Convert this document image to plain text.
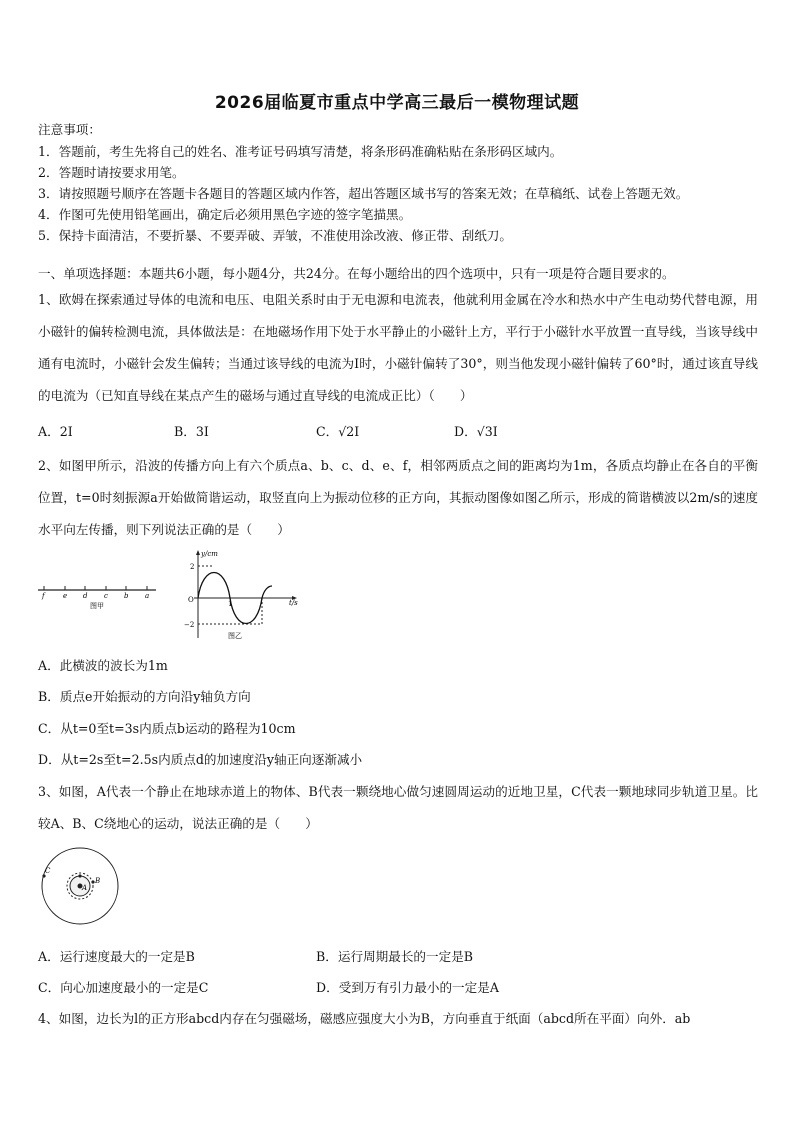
2026届临夏市重点中学高三最后一模物理试题
注意事项：
1．答题前，考生先将自己的姓名、准考证号码填写清楚，将条形码准确粘贴在条形码区域内。
2．答题时请按要求用笔。
3．请按照题号顺序在答题卡各题目的答题区域内作答，超出答题区域书写的答案无效；在草稿纸、试卷上答题无效。
4．作图可先使用铅笔画出，确定后必须用黑色字迹的签字笔描黑。
5．保持卡面清洁，不要折暴、不要弄破、弄皱，不准使用涂改液、修正带、刮纸刀。
一、单项选择题：本题共6小题，每小题4分，共24分。在每小题给出的四个选项中，只有一项是符合题目要求的。
1、欧姆在探索通过导体的电流和电压、电阻关系时由于无电源和电流表，他就利用金属在冷水和热水中产生电动势代替电源，用小磁针的偏转检测电流，具体做法是：在地磁场作用下处于水平静止的小磁针上方，平行于小磁针水平放置一直导线，当该导线中通有电流时，小磁针会发生偏转；当通过该导线的电流为I时，小磁针偏转了30°，则当他发现小磁针偏转了60°时，通过该直导线的电流为（已知直导线在某点产生的磁场与通过直导线的电流成正比）（　　）
A．2I	B．3I	C．√2I	D．√3I
2、如图甲所示，沿波的传播方向上有六个质点a、b、c、d、e、f，相邻两质点之间的距离均为1m，各质点均静止在各自的平衡位置，t=0时刻振源a开始做简谐运动，取竖直向上为振动位移的正方向，其振动图像如图乙所示，形成的简谐横波以2m/s的速度水平向左传播，则下列说法正确的是（　　）
f	e d c b a
图甲
y/cm
t/s
O
2
−2
1
图乙
A．此横波的波长为1m
B．质点e开始振动的方向沿y轴负方向
C．从t=0至t=3s内质点b运动的路程为10cm
D．从t=2s至t=2.5s内质点d的加速度沿y轴正向逐渐减小
3、如图，A代表一个静止在地球赤道上的物体、B代表一颗绕地心做匀速圆周运动的近地卫星，C代表一颗地球同步轨道卫星。比较A、B、C绕地心的运动，说法正确的是（　　）
A
B
C
A．运行速度最大的一定是B	B．运行周期最长的一定是B
C．向心加速度最小的一定是C	D．受到万有引力最小的一定是A
4、如图，边长为l的正方形abcd内存在匀强磁场，磁感应强度大小为B，方向垂直于纸面（abcd所在平面）向外．ab
